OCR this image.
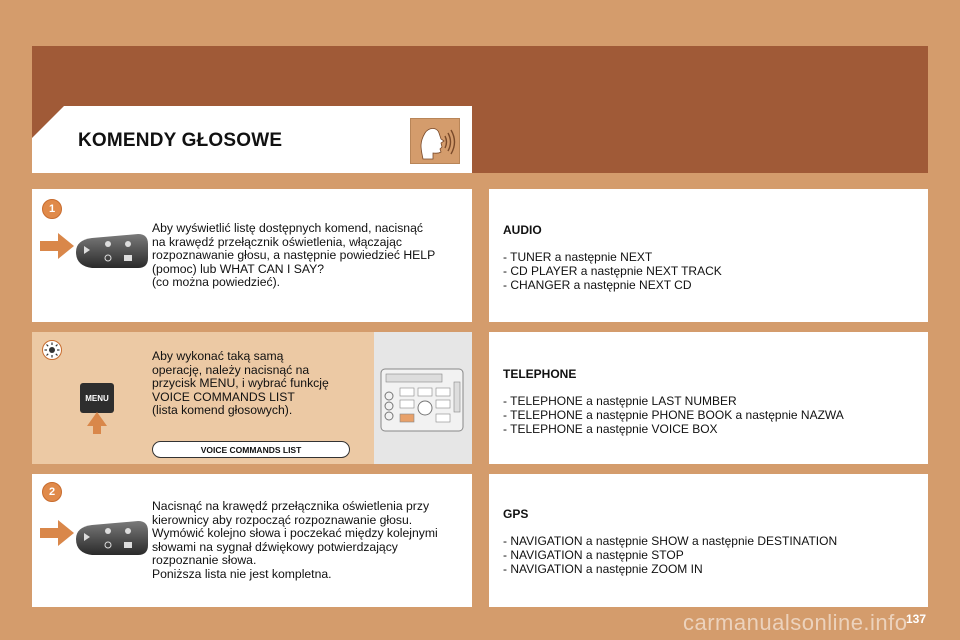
KOMENDY GŁOSOWE
1
Aby wyświetlić listę dostępnych komend, nacisnąć
na krawędź przełącznik oświetlenia, włączając
rozpoznawanie głosu, a następnie powiedzieć HELP
(pomoc) lub WHAT CAN I SAY?
(co można powiedzieć).
MENU
Aby wykonać taką samą
operację, należy nacisnąć na
przycisk MENU, i wybrać funkcję
VOICE COMMANDS LIST
(lista komend głosowych).
VOICE COMMANDS LIST
2
Nacisnąć na krawędź przełącznika oświetlenia przy
kierownicy aby rozpocząć rozpoznawanie głosu.
Wymówić kolejno słowa i poczekać między kolejnymi
słowami na sygnał dźwiękowy potwierdzający
rozpoznanie słowa.
Poniższa lista nie jest kompletna.
AUDIO
- TUNER a następnie NEXT
- CD PLAYER a następnie NEXT TRACK
- CHANGER a następnie NEXT CD
TELEPHONE
- TELEPHONE a następnie LAST NUMBER
- TELEPHONE a następnie PHONE BOOK a następnie NAZWA
- TELEPHONE a następnie VOICE BOX
GPS
- NAVIGATION a następnie SHOW a następnie DESTINATION
- NAVIGATION a następnie STOP
- NAVIGATION a następnie ZOOM IN
carmanualsonline.info
137
